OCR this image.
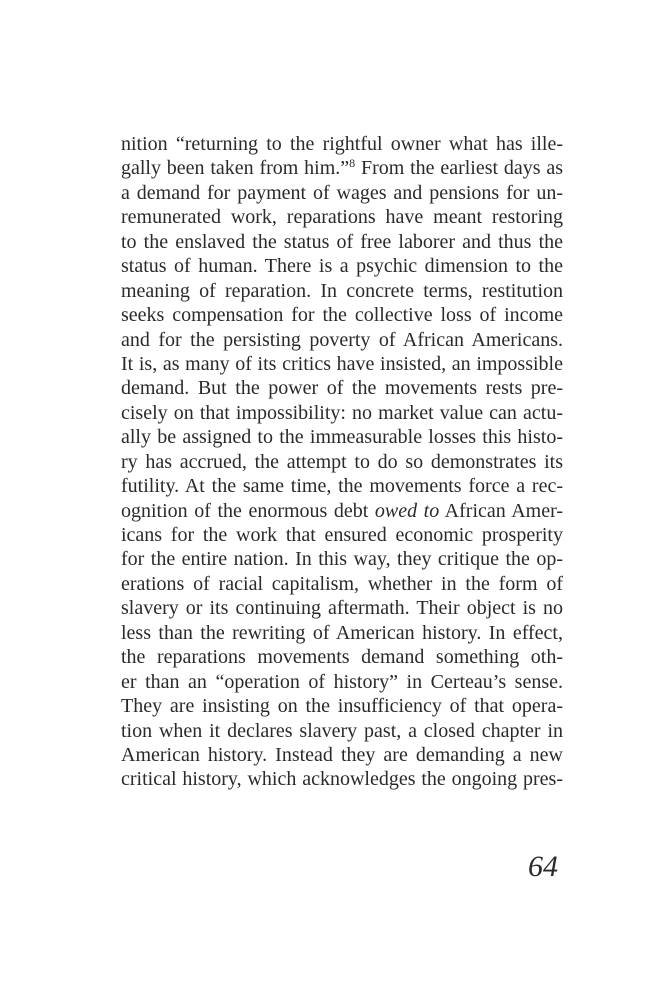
nition “returning to the rightful owner what has ille-
gally been taken from him.”$^8$ From the earliest days as
a demand for payment of wages and pensions for un-
remunerated work, reparations have meant restoring
to the enslaved the status of free laborer and thus the
status of human. There is a psychic dimension to the
meaning of reparation. In concrete terms, restitution
seeks compensation for the collective loss of income
and for the persisting poverty of African Americans.
It is, as many of its critics have insisted, an impossible
demand. But the power of the movements rests pre-
cisely on that impossibility: no market value can actu-
ally be assigned to the immeasurable losses this histo-
ry has accrued, the attempt to do so demonstrates its
futility. At the same time, the movements force a rec-
ognition of the enormous debt owed to African Amer-
icans for the work that ensured economic prosperity
for the entire nation. In this way, they critique the op-
erations of racial capitalism, whether in the form of
slavery or its continuing aftermath. Their object is no
less than the rewriting of American history. In effect,
the reparations movements demand something oth-
er than an “operation of history” in Certeau’s sense.
They are insisting on the insufficiency of that opera-
tion when it declares slavery past, a closed chapter in
American history. Instead they are demanding a new
critical history, which acknowledges the ongoing pres-
64
